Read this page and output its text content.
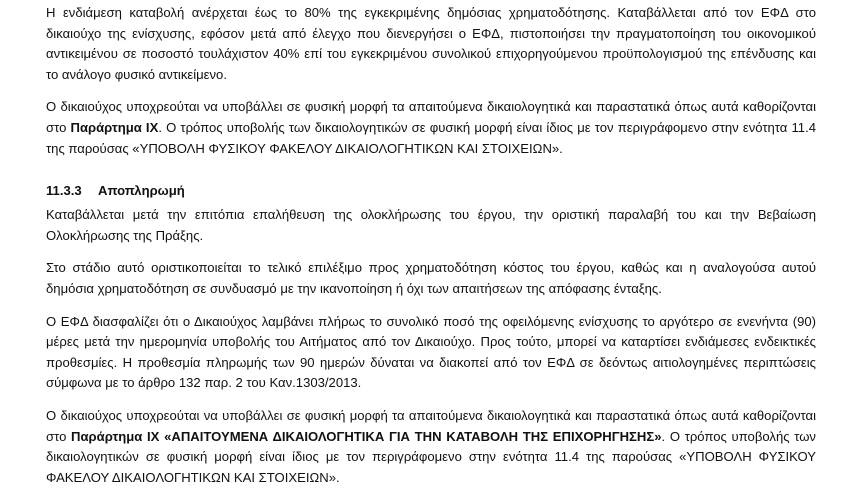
Η ενδιάμεση καταβολή ανέρχεται έως το 80% της εγκεκριμένης δημόσιας χρηματοδότησης. Καταβάλλεται από τον ΕΦΔ στο δικαιούχο της ενίσχυσης, εφόσον μετά από έλεγχο που διενεργήσει ο ΕΦΔ, πιστοποιήσει την πραγματοποίηση του οικονομικού αντικειμένου σε ποσοστό τουλάχιστον 40% επί του εγκεκριμένου συνολικού επιχορηγούμενου προϋπολογισμού της επένδυσης και το ανάλογο φυσικό αντικείμενο.

Ο δικαιούχος υποχρεούται να υποβάλλει σε φυσική μορφή τα απαιτούμενα δικαιολογητικά και παραστατικά όπως αυτά καθορίζονται στο Παράρτημα IX. Ο τρόπος υποβολής των δικαιολογητικών σε φυσική μορφή είναι ίδιος με τον περιγράφομενο στην ενότητα 11.4 της παρούσας «ΥΠΟΒΟΛΗ ΦΥΣΙΚΟΥ ΦΑΚΕΛΟΥ ΔΙΚΑΙΟΛΟΓΗΤΙΚΩΝ ΚΑΙ ΣΤΟΙΧΕΙΩΝ».

11.3.3 Αποπληρωμή

Καταβάλλεται μετά την επιτόπια επαλήθευση της ολοκλήρωσης του έργου, την οριστική παραλαβή του και την Βεβαίωση Ολοκλήρωσης της Πράξης.

Στο στάδιο αυτό οριστικοποιείται το τελικό επιλέξιμο προς χρηματοδότηση κόστος του έργου, καθώς και η αναλογούσα αυτού δημόσια χρηματοδότηση σε συνδυασμό με την ικανοποίηση ή όχι των απαιτήσεων της απόφασης ένταξης.

Ο ΕΦΔ διασφαλίζει ότι ο Δικαιούχος λαμβάνει πλήρως το συνολικό ποσό της οφειλόμενης ενίσχυσης το αργότερο σε ενενήντα (90) μέρες μετά την ημερομηνία υποβολής του Αιτήματος από τον Δικαιούχο. Προς τούτο, μπορεί να καταρτίσει ενδιάμεσες ενδεικτικές προθεσμίες. Η προθεσμία πληρωμής των 90 ημερών δύναται να διακοπεί από τον ΕΦΔ σε δεόντως αιτιολογημένες περιπτώσεις σύμφωνα με το άρθρο 132 παρ. 2 του Καν.1303/2013.

Ο δικαιούχος υποχρεούται να υποβάλλει σε φυσική μορφή τα απαιτούμενα δικαιολογητικά και παραστατικά όπως αυτά καθορίζονται στο Παράρτημα IX «ΑΠΑΙΤΟΥΜΕΝΑ ΔΙΚΑΙΟΛΟΓΗΤΙΚΑ ΓΙΑ ΤΗΝ ΚΑΤΑΒΟΛΗ ΤΗΣ ΕΠΙΧΟΡΗΓΗΣΗΣ». Ο τρόπος υποβολής των δικαιολογητικών σε φυσική μορφή είναι ίδιος με τον περιγράφομενο στην ενότητα 11.4 της παρούσας «ΥΠΟΒΟΛΗ ΦΥΣΙΚΟΥ ΦΑΚΕΛΟΥ ΔΙΚΑΙΟΛΟΓΗΤΙΚΩΝ ΚΑΙ ΣΤΟΙΧΕΙΩΝ».
